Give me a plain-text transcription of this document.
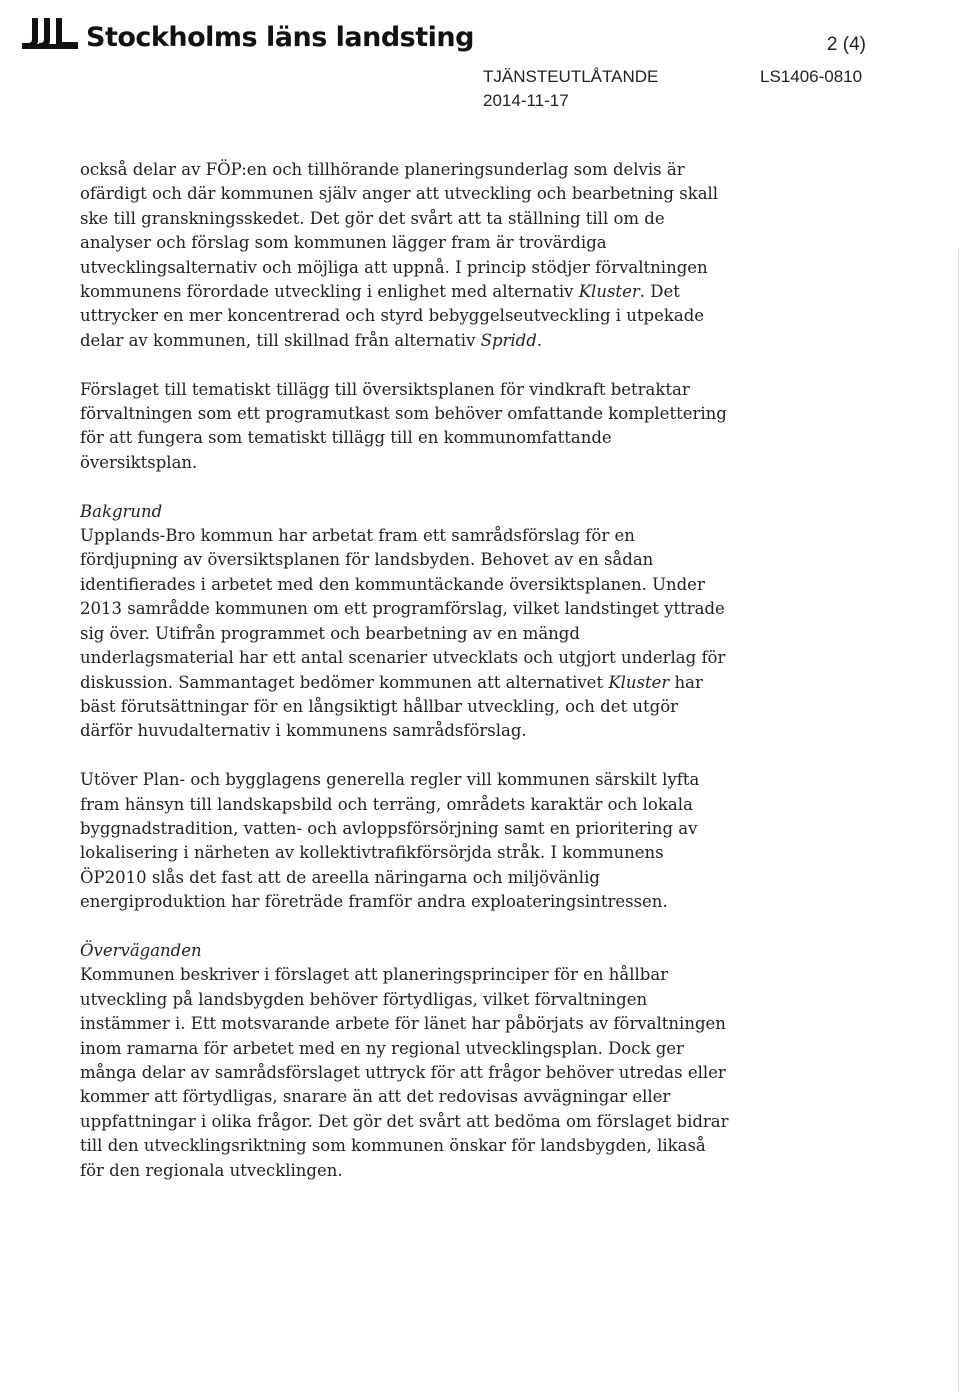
Stockholms läns landsting	2 (4)
TJÄNSTEUTLÅTANDE
2014-11-17
LS1406-0810

också delar av FÖP:en och tillhörande planeringsunderlag som delvis är ofärdigt och där kommunen själv anger att utveckling och bearbetning skall ske till granskningsskedet. Det gör det svårt att ta ställning till om de analyser och förslag som kommunen lägger fram är trovärdiga utvecklingsalternativ och möjliga att uppnå. I princip stödjer förvaltningen kommunens förordade utveckling i enlighet med alternativ Kluster. Det uttrycker en mer koncentrerad och styrd bebyggelseutveckling i utpekade delar av kommunen, till skillnad från alternativ Spridd.

Förslaget till tematiskt tillägg till översiktsplanen för vindkraft betraktar förvaltningen som ett programutkast som behöver omfattande komplettering för att fungera som tematiskt tillägg till en kommunomfattande översiktsplan.

Bakgrund

Upplands-Bro kommun har arbetat fram ett samrådsförslag för en fördjupning av översiktsplanen för landsbyden. Behovet av en sådan identifierades i arbetet med den kommuntäckande översiktsplanen. Under 2013 samrådde kommunen om ett programförslag, vilket landstinget yttrade sig över. Utifrån programmet och bearbetning av en mängd underlagsmaterial har ett antal scenarier utvecklats och utgjort underlag för diskussion. Sammantaget bedömer kommunen att alternativet Kluster har bäst förutsättningar för en långsiktigt hållbar utveckling, och det utgör därför huvudalternativ i kommunens samrådsförslag.

Utöver Plan- och bygglagens generella regler vill kommunen särskilt lyfta fram hänsyn till landskapsbild och terräng, områdets karaktär och lokala byggnadstradition, vatten- och avloppsförsörjning samt en prioritering av lokalisering i närheten av kollektivtrafikförsörjda stråk. I kommunens ÖP2010 slås det fast att de areella näringarna och miljövänlig energiproduktion har företräde framför andra exploateringsintressen.

Överväganden

Kommunen beskriver i förslaget att planeringsprinciper för en hållbar utveckling på landsbygden behöver förtydligas, vilket förvaltningen instämmer i. Ett motsvarande arbete för länet har påbörjats av förvaltningen inom ramarna för arbetet med en ny regional utvecklingsplan. Dock ger många delar av samrådsförslaget uttryck för att frågor behöver utredas eller kommer att förtydligas, snarare än att det redovisas avvägningar eller uppfattningar i olika frågor. Det gör det svårt att bedöma om förslaget bidrar till den utvecklingsriktning som kommunen önskar för landsbygden, likaså för den regionala utvecklingen.
